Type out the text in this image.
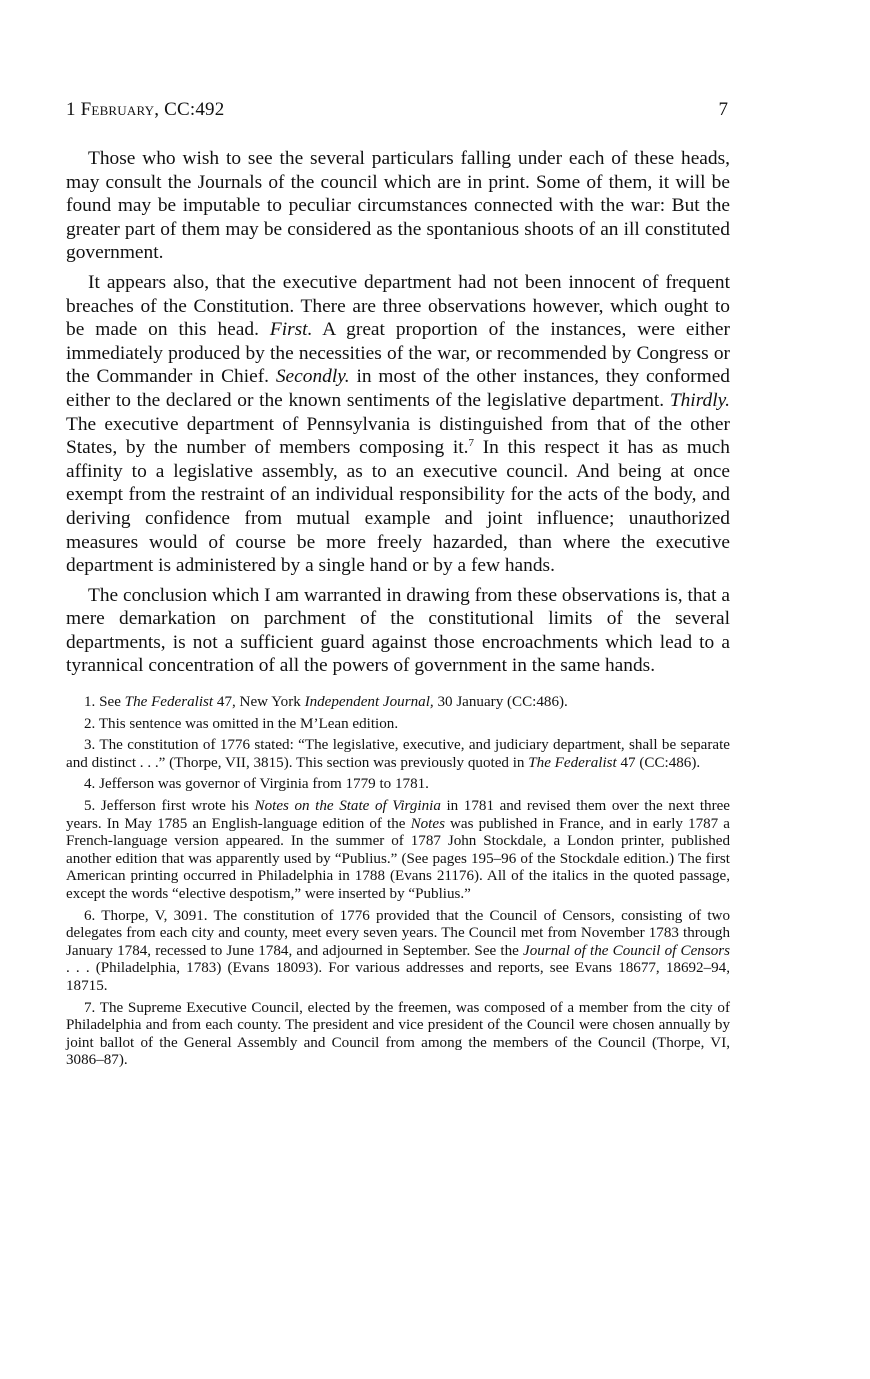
1 February, CC:492	7

Those who wish to see the several particulars falling under each of these heads, may consult the Journals of the council which are in print. Some of them, it will be found may be imputable to peculiar circumstances connected with the war: But the greater part of them may be considered as the spontanious shoots of an ill constituted government.

It appears also, that the executive department had not been innocent of frequent breaches of the Constitution. There are three observations however, which ought to be made on this head. First. A great proportion of the instances, were either immediately produced by the necessities of the war, or recommended by Congress or the Commander in Chief. Secondly. in most of the other instances, they conformed either to the declared or the known sentiments of the legislative department. Thirdly. The executive department of Pennsylvania is distinguished from that of the other States, by the number of members composing it.$^7$ In this respect it has as much affinity to a legislative assembly, as to an executive council. And being at once exempt from the restraint of an individual responsibility for the acts of the body, and deriving confidence from mutual example and joint influence; unauthorized measures would of course be more freely hazarded, than where the executive department is administered by a single hand or by a few hands.

The conclusion which I am warranted in drawing from these observations is, that a mere demarkation on parchment of the constitutional limits of the several departments, is not a sufficient guard against those encroachments which lead to a tyrannical concentration of all the powers of government in the same hands.

1. See The Federalist 47, New York Independent Journal, 30 January (CC:486).

2. This sentence was omitted in the M’Lean edition.

3. The constitution of 1776 stated: “The legislative, executive, and judiciary department, shall be separate and distinct . . .” (Thorpe, VII, 3815). This section was previously quoted in The Federalist 47 (CC:486).

4. Jefferson was governor of Virginia from 1779 to 1781.

5. Jefferson first wrote his Notes on the State of Virginia in 1781 and revised them over the next three years. In May 1785 an English-language edition of the Notes was published in France, and in early 1787 a French-language version appeared. In the summer of 1787 John Stockdale, a London printer, published another edition that was apparently used by “Publius.” (See pages 195–96 of the Stockdale edition.) The first American printing occurred in Philadelphia in 1788 (Evans 21176). All of the italics in the quoted passage, except the words “elective despotism,” were inserted by “Publius.”

6. Thorpe, V, 3091. The constitution of 1776 provided that the Council of Censors, consisting of two delegates from each city and county, meet every seven years. The Council met from November 1783 through January 1784, recessed to June 1784, and adjourned in September. See the Journal of the Council of Censors . . . (Philadelphia, 1783) (Evans 18093). For various addresses and reports, see Evans 18677, 18692–94, 18715.

7. The Supreme Executive Council, elected by the freemen, was composed of a member from the city of Philadelphia and from each county. The president and vice president of the Council were chosen annually by joint ballot of the General Assembly and Council from among the members of the Council (Thorpe, VI, 3086–87).
